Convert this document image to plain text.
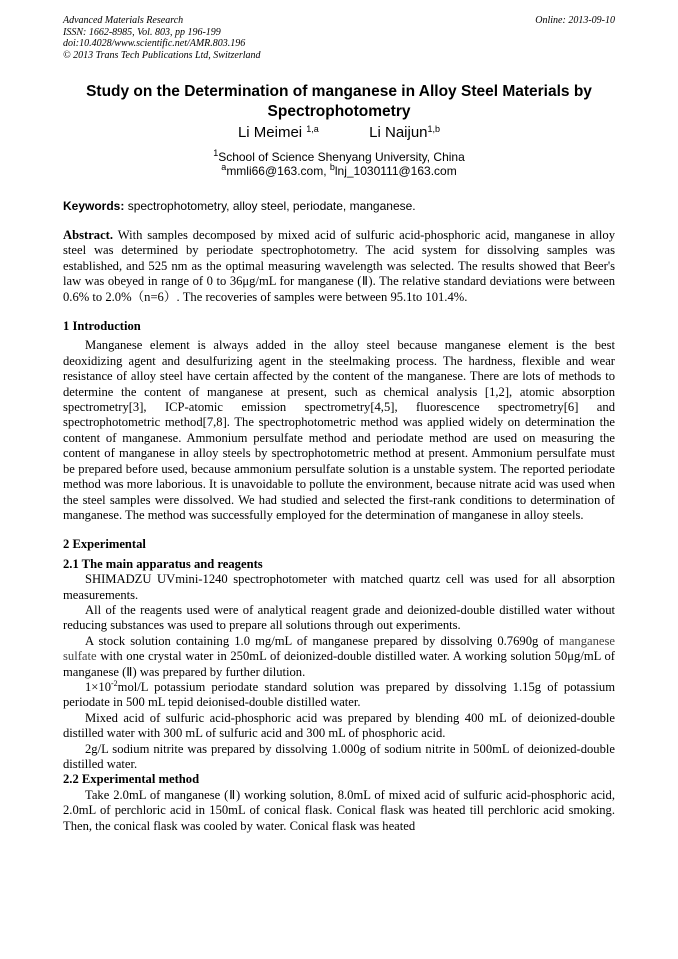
Advanced Materials Research
ISSN: 1662-8985, Vol. 803, pp 196-199
doi:10.4028/www.scientific.net/AMR.803.196
© 2013 Trans Tech Publications Ltd, Switzerland
Online: 2013-09-10
Study on the Determination of manganese in Alloy Steel Materials by Spectrophotometry
Li Meimei $^{1,a}$	Li Naijun$^{1,b}$
$^1$School of Science Shenyang University, China
$^a$mmli66@163.com, $^b$lnj_1030111@163.com
Keywords: spectrophotometry, alloy steel, periodate, manganese.

Abstract. With samples decomposed by mixed acid of sulfuric acid-phosphoric acid, manganese in alloy steel was determined by periodate spectrophotometry. The acid system for dissolving samples was established, and 525 nm as the optimal measuring wavelength was selected. The results showed that Beer's law was obeyed in range of 0 to 36μg/mL for manganese (Ⅱ). The relative standard deviations were between 0.6% to 2.0%（n=6）. The recoveries of samples were between 95.1to 101.4%.

1 Introduction

Manganese element is always added in the alloy steel because manganese element is the best deoxidizing agent and desulfurizing agent in the steelmaking process. The hardness, flexible and wear resistance of alloy steel have certain affected by the content of the manganese. There are lots of methods to determine the content of manganese at present, such as chemical analysis [1,2], atomic absorption spectrometry[3], ICP-atomic emission spectrometry[4,5], fluorescence spectrometry[6] and spectrophotometric method[7,8]. The spectrophotometric method was applied widely on determination the content of manganese. Ammonium persulfate method and periodate method are used on measuring the content of manganese in alloy steels by spectrophotometric method at present. Ammonium persulfate must be prepared before used, because ammonium persulfate solution is a unstable system. The reported periodate method was more laborious. It is unavoidable to pollute the environment, because nitrate acid was used when the steel samples were dissolved. We had studied and selected the first-rank conditions to determination of manganese. The method was successfully employed for the determination of manganese in alloy steels.

2 Experimental
2.1 The main apparatus and reagents

SHIMADZU UVmini-1240 spectrophotometer with matched quartz cell was used for all absorption measurements.

All of the reagents used were of analytical reagent grade and deionized-double distilled water without reducing substances was used to prepare all solutions through out experiments.

A stock solution containing 1.0 mg/mL of manganese prepared by dissolving 0.7690g of manganese sulfate with one crystal water in 250mL of deionized-double distilled water. A working solution 50μg/mL of manganese (Ⅱ) was prepared by further dilution.

$1\times 10^{-2}mol/L$ potassium periodate standard solution was prepared by dissolving 1.15g of potassium periodate in 500 mL tepid deionised-double distilled water.

Mixed acid of sulfuric acid-phosphoric acid was prepared by blending 400 mL of deionized-double distilled water with 300 mL of sulfuric acid and 300 mL of phosphoric acid.

2g/L sodium nitrite was prepared by dissolving 1.000g of sodium nitrite in 500mL of deionized-double distilled water.

2.2 Experimental method

Take 2.0mL of manganese (Ⅱ) working solution, 8.0mL of mixed acid of sulfuric acid-phosphoric acid, 2.0mL of perchloric acid in 150mL of conical flask. Conical flask was heated till perchloric acid smoking. Then, the conical flask was cooled by water. Conical flask was heated
